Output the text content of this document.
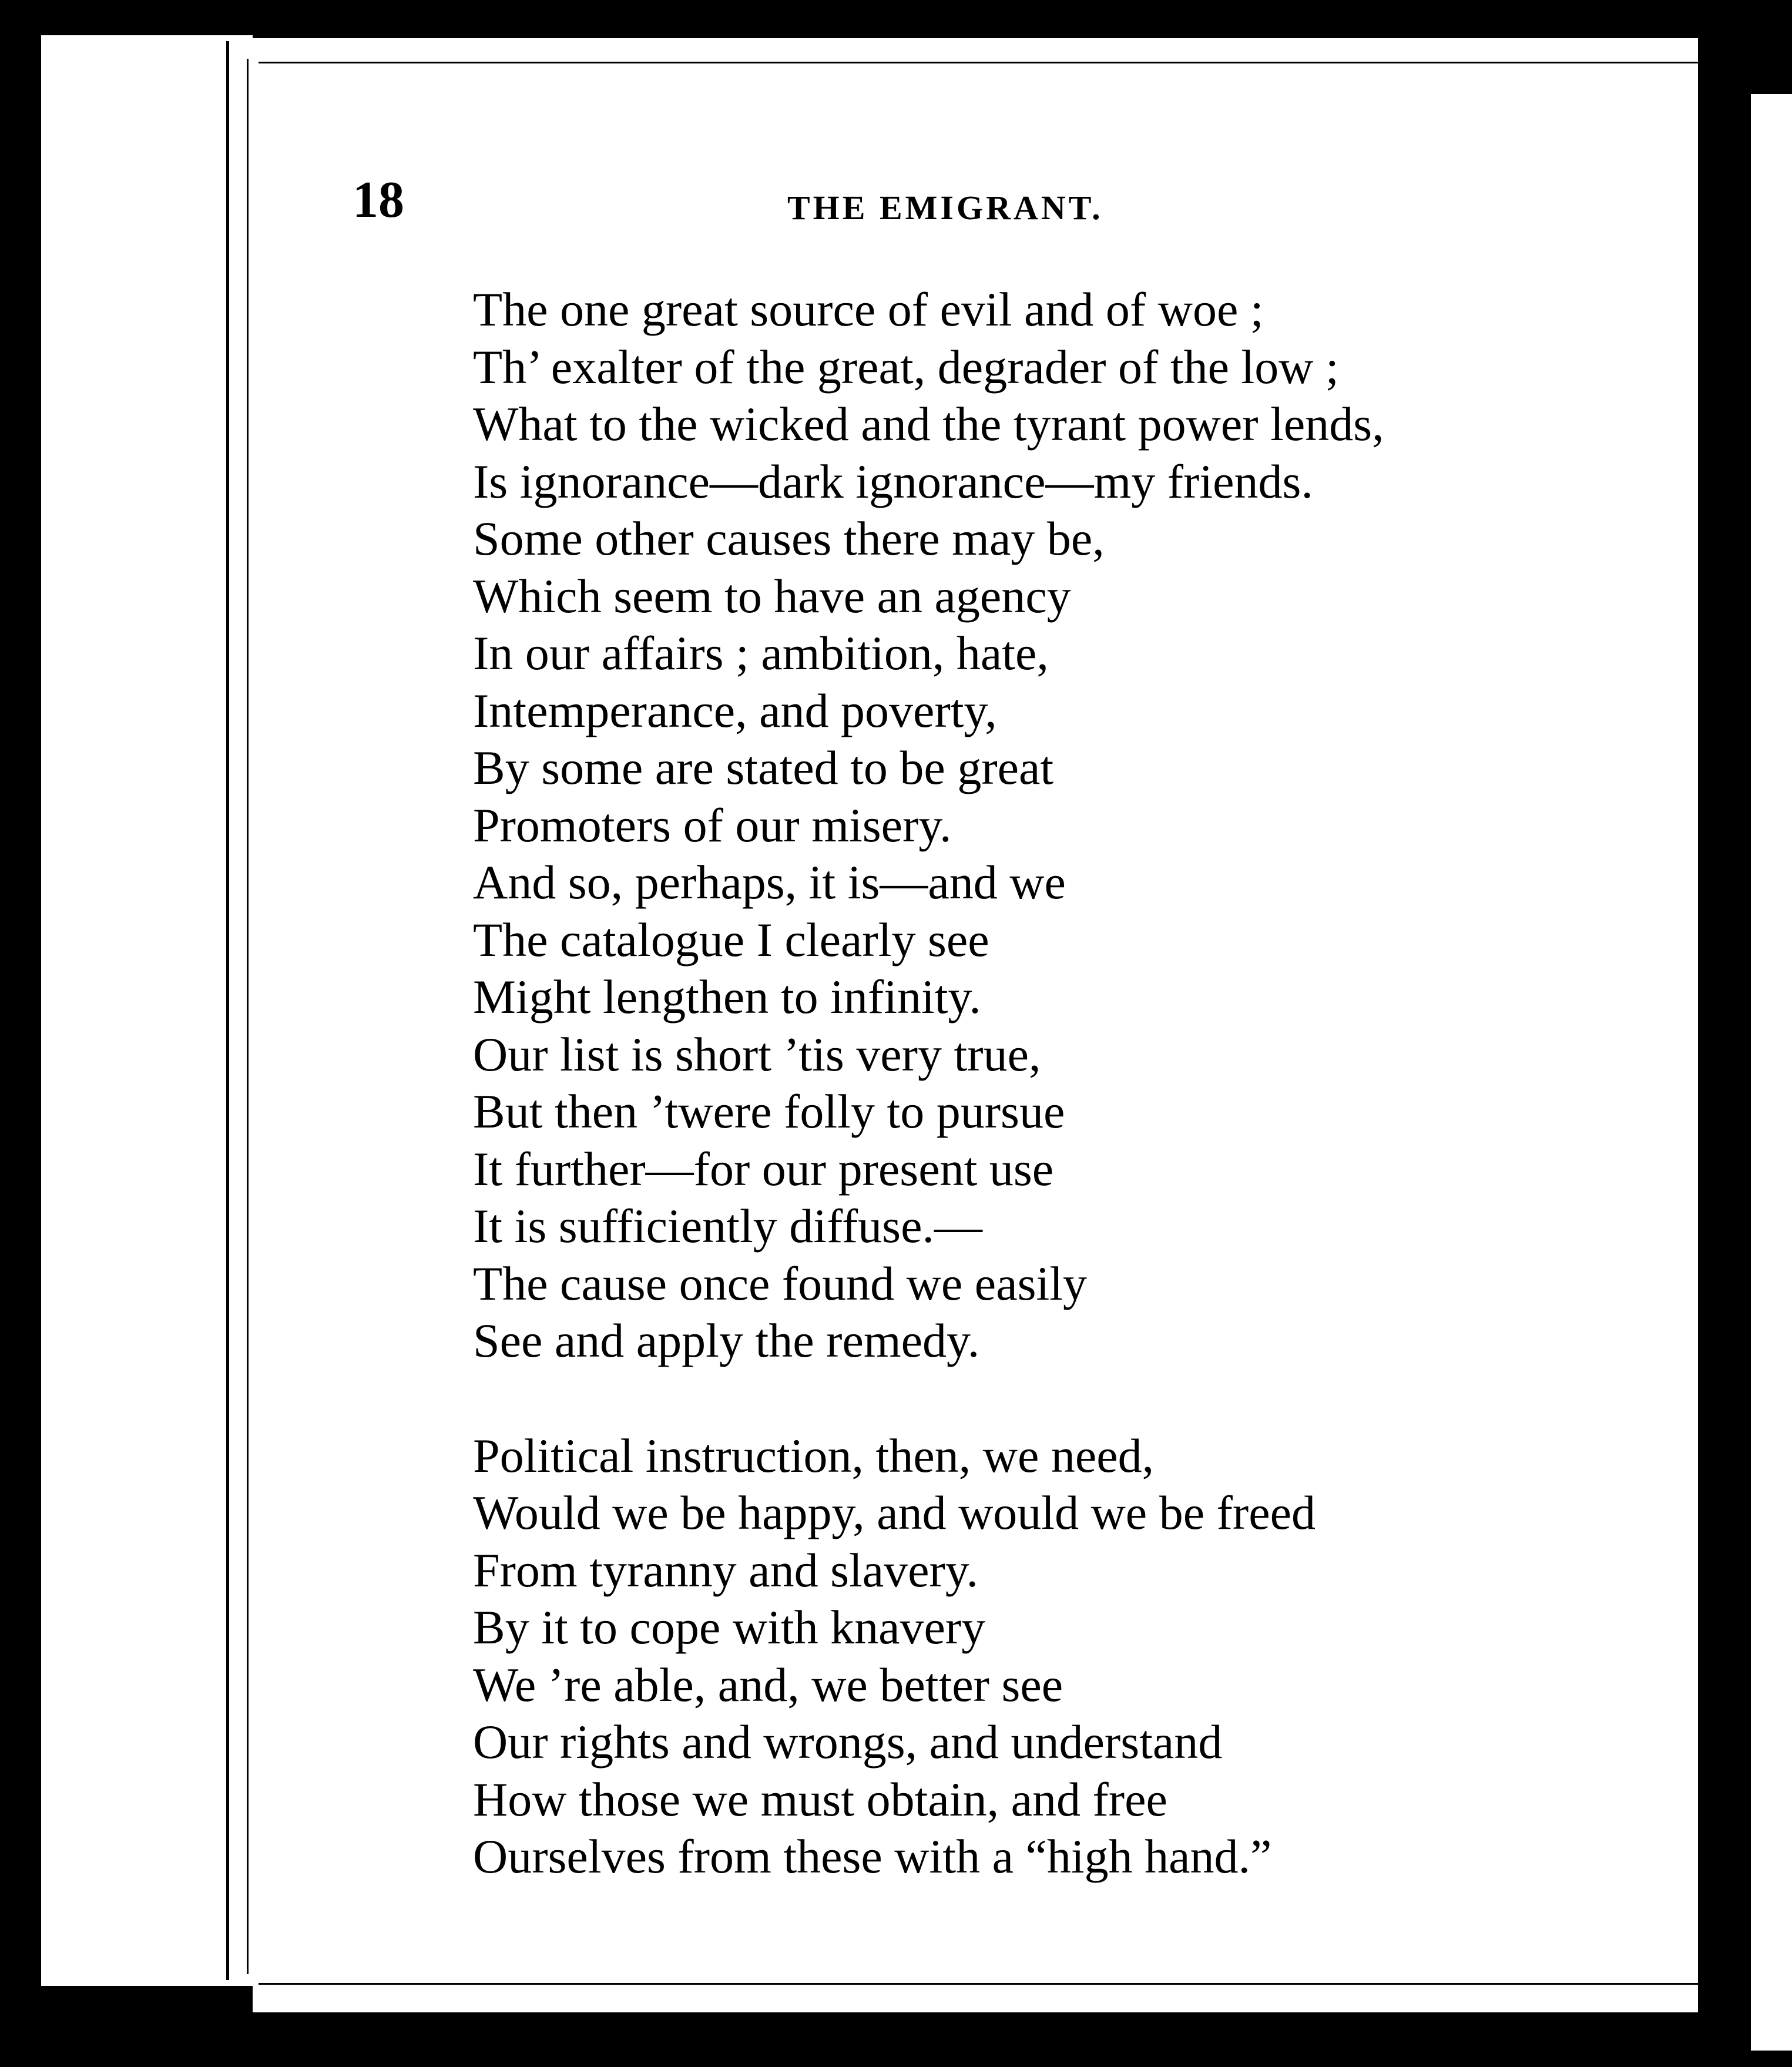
18	THE EMIGRANT.
The one great source of evil and of woe ;
Th’ exalter of the great, degrader of the low ;
What to the wicked and the tyrant power lends,
Is ignorance—dark ignorance—my friends.
Some other causes there may be,
Which seem to have an agency
In our affairs ; ambition, hate,
Intemperance, and poverty,
By some are stated to be great
Promoters of our misery.
And so, perhaps, it is—and we
The catalogue I clearly see
Might lengthen to infinity.
Our list is short ’tis very true,
But then ’twere folly to pursue
It further—for our present use
It is sufficiently diffuse.—
The cause once found we easily
See and apply the remedy.
Political instruction, then, we need,
Would we be happy, and would we be freed
From tyranny and slavery.
By it to cope with knavery
We ’re able, and, we better see
Our rights and wrongs, and understand
How those we must obtain, and free
Ourselves from these with a “high hand.”
